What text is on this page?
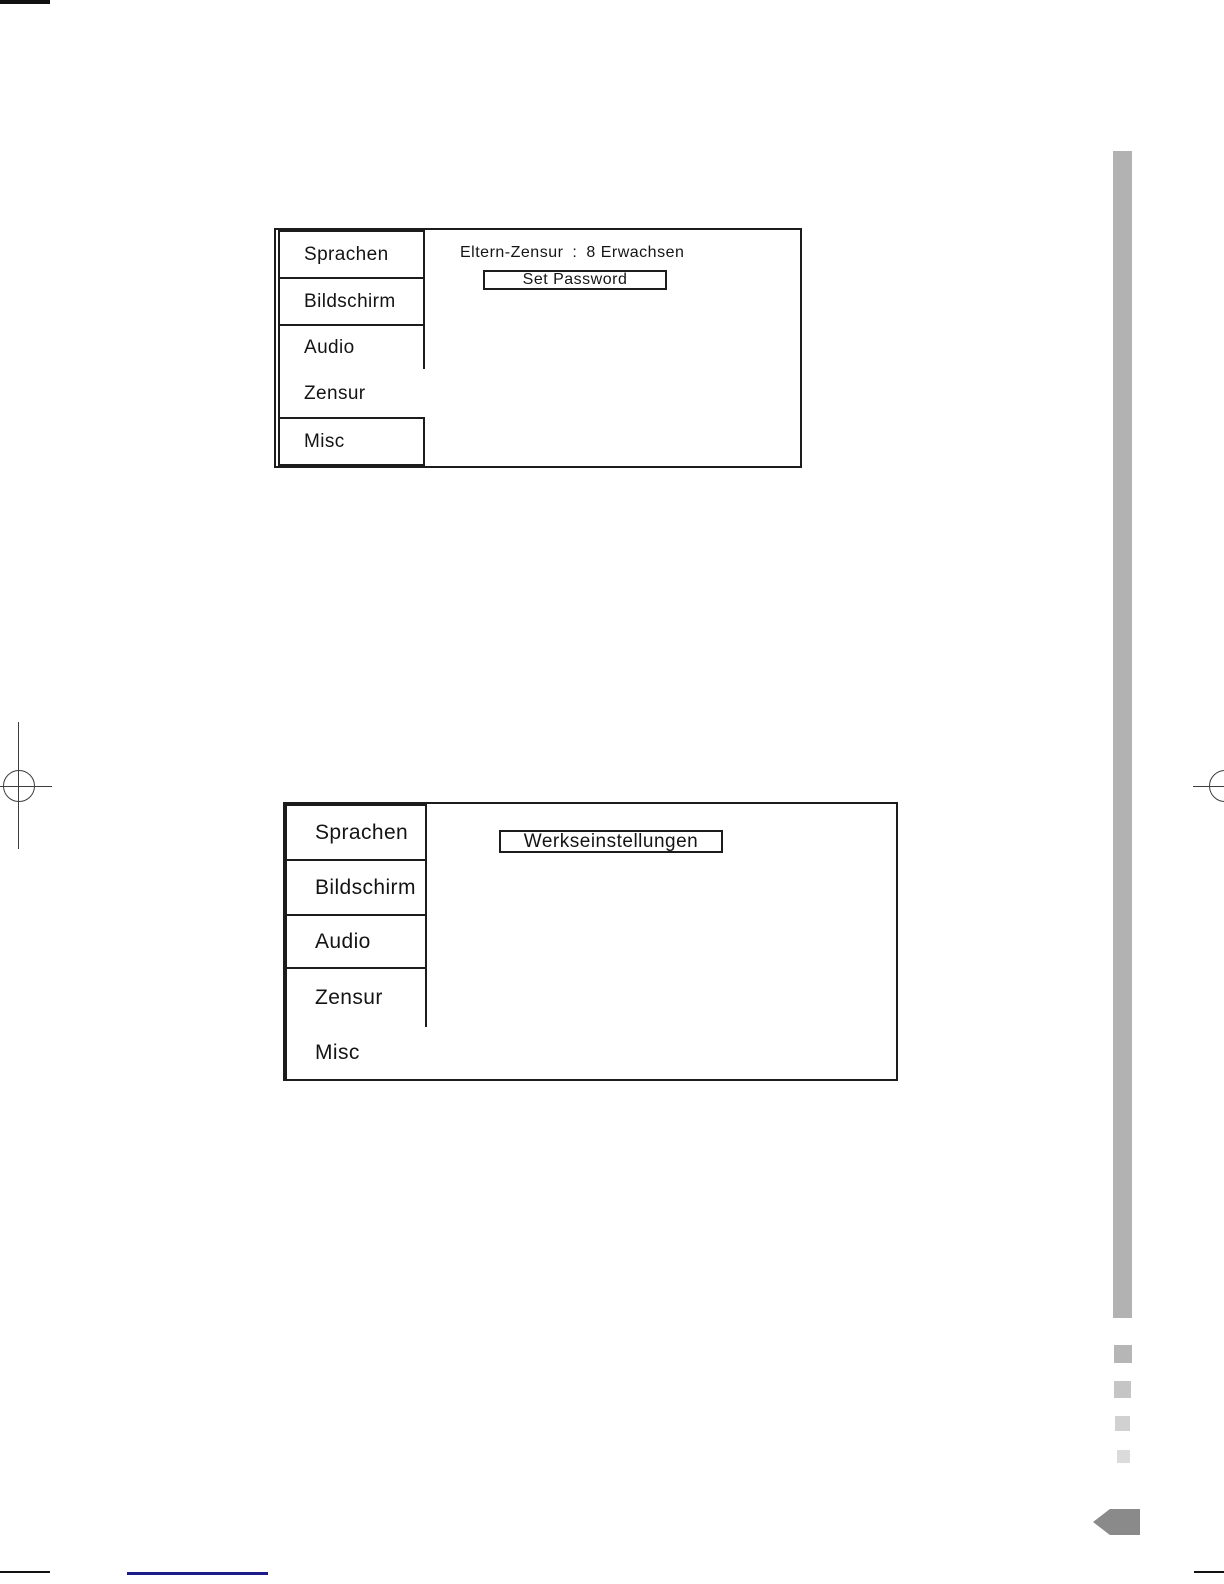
Sprachen
Bildschirm
Audio
Zensur
Misc
Eltern-Zensur : 8 Erwachsen
Set Password
Sprachen
Bildschirm
Audio
Zensur
Misc
Werkseinstellungen
